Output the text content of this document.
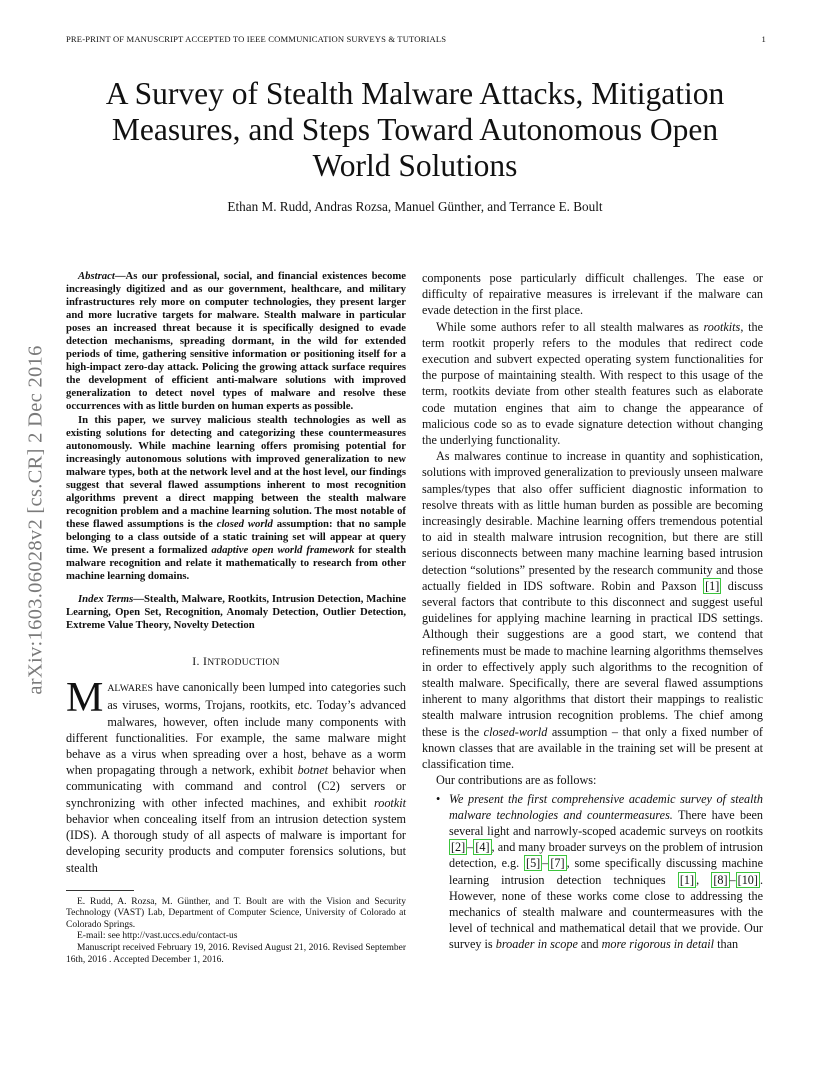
PRE-PRINT OF MANUSCRIPT ACCEPTED TO IEEE COMMUNICATION SURVEYS & TUTORIALS	1
arXiv:1603.06028v2 [cs.CR] 2 Dec 2016
A Survey of Stealth Malware Attacks, Mitigation Measures, and Steps Toward Autonomous Open World Solutions
Ethan M. Rudd, Andras Rozsa, Manuel Günther, and Terrance E. Boult

Abstract—As our professional, social, and financial existences become increasingly digitized and as our government, healthcare, and military infrastructures rely more on computer technologies, they present larger and more lucrative targets for malware. Stealth malware in particular poses an increased threat because it is specifically designed to evade detection mechanisms, spreading dormant, in the wild for extended periods of time, gathering sensitive information or positioning itself for a high-impact zero-day attack. Policing the growing attack surface requires the development of efficient anti-malware solutions with improved generalization to detect novel types of malware and resolve these occurrences with as little burden on human experts as possible.

In this paper, we survey malicious stealth technologies as well as existing solutions for detecting and categorizing these countermeasures autonomously. While machine learning offers promising potential for increasingly autonomous solutions with improved generalization to new malware types, both at the network level and at the host level, our findings suggest that several flawed assumptions inherent to most recognition algorithms prevent a direct mapping between the stealth malware recognition problem and a machine learning solution. The most notable of these flawed assumptions is the closed world assumption: that no sample belonging to a class outside of a static training set will appear at query time. We present a formalized adaptive open world framework for stealth malware recognition and relate it mathematically to research from other machine learning domains.

Index Terms—Stealth, Malware, Rootkits, Intrusion Detection, Machine Learning, Open Set, Recognition, Anomaly Detection, Outlier Detection, Extreme Value Theory, Novelty Detection
I. INTRODUCTION

MALWARES have canonically been lumped into categories such as viruses, worms, Trojans, rootkits, etc. Today’s advanced malwares, however, often include many components with different functionalities. For example, the same malware might behave as a virus when spreading over a host, behave as a worm when propagating through a network, exhibit botnet behavior when communicating with command and control (C2) servers or synchronizing with other infected machines, and exhibit rootkit behavior when concealing itself from an intrusion detection system (IDS). A thorough study of all aspects of malware is important for developing security products and computer forensics solutions, but stealth

E. Rudd, A. Rozsa, M. Günther, and T. Boult are with the Vision and Security Technology (VAST) Lab, Department of Computer Science, University of Colorado at Colorado Springs.

E-mail: see http://vast.uccs.edu/contact-us

Manuscript received February 19, 2016. Revised August 21, 2016. Revised September 16th, 2016 . Accepted December 1, 2016.

components pose particularly difficult challenges. The ease or difficulty of repairative measures is irrelevant if the malware can evade detection in the first place.

While some authors refer to all stealth malwares as rootkits, the term rootkit properly refers to the modules that redirect code execution and subvert expected operating system functionalities for the purpose of maintaining stealth. With respect to this usage of the term, rootkits deviate from other stealth features such as elaborate code mutation engines that aim to change the appearance of malicious code so as to evade signature detection without changing the underlying functionality.

As malwares continue to increase in quantity and sophistication, solutions with improved generalization to previously unseen malware samples/types that also offer sufficient diagnostic information to resolve threats with as little human burden as possible are becoming increasingly desirable. Machine learning offers tremendous potential to aid in stealth malware intrusion recognition, but there are still serious disconnects between many machine learning based intrusion detection “solutions” presented by the research community and those actually fielded in IDS software. Robin and Paxson [1] discuss several factors that contribute to this disconnect and suggest useful guidelines for applying machine learning in practical IDS settings. Although their suggestions are a good start, we contend that refinements must be made to machine learning algorithms themselves in order to effectively apply such algorithms to the recognition of stealth malware. Specifically, there are several flawed assumptions inherent to many algorithms that distort their mappings to realistic stealth malware intrusion recognition problems. The chief among these is the closed-world assumption – that only a fixed number of known classes that are available in the training set will be present at classification time.

Our contributions are as follows:

• We present the first comprehensive academic survey of stealth malware technologies and countermeasures. There have been several light and narrowly-scoped academic surveys on rootkits [2] – [4] , and many broader surveys on the problem of intrusion detection, e.g. [5] – [7] , some specifically discussing machine learning intrusion detection techniques [1] , [8] – [10] . However, none of these works come close to addressing the mechanics of stealth malware and countermeasures with the level of technical and mathematical detail that we provide. Our survey is broader in scope and more rigorous in detail than
